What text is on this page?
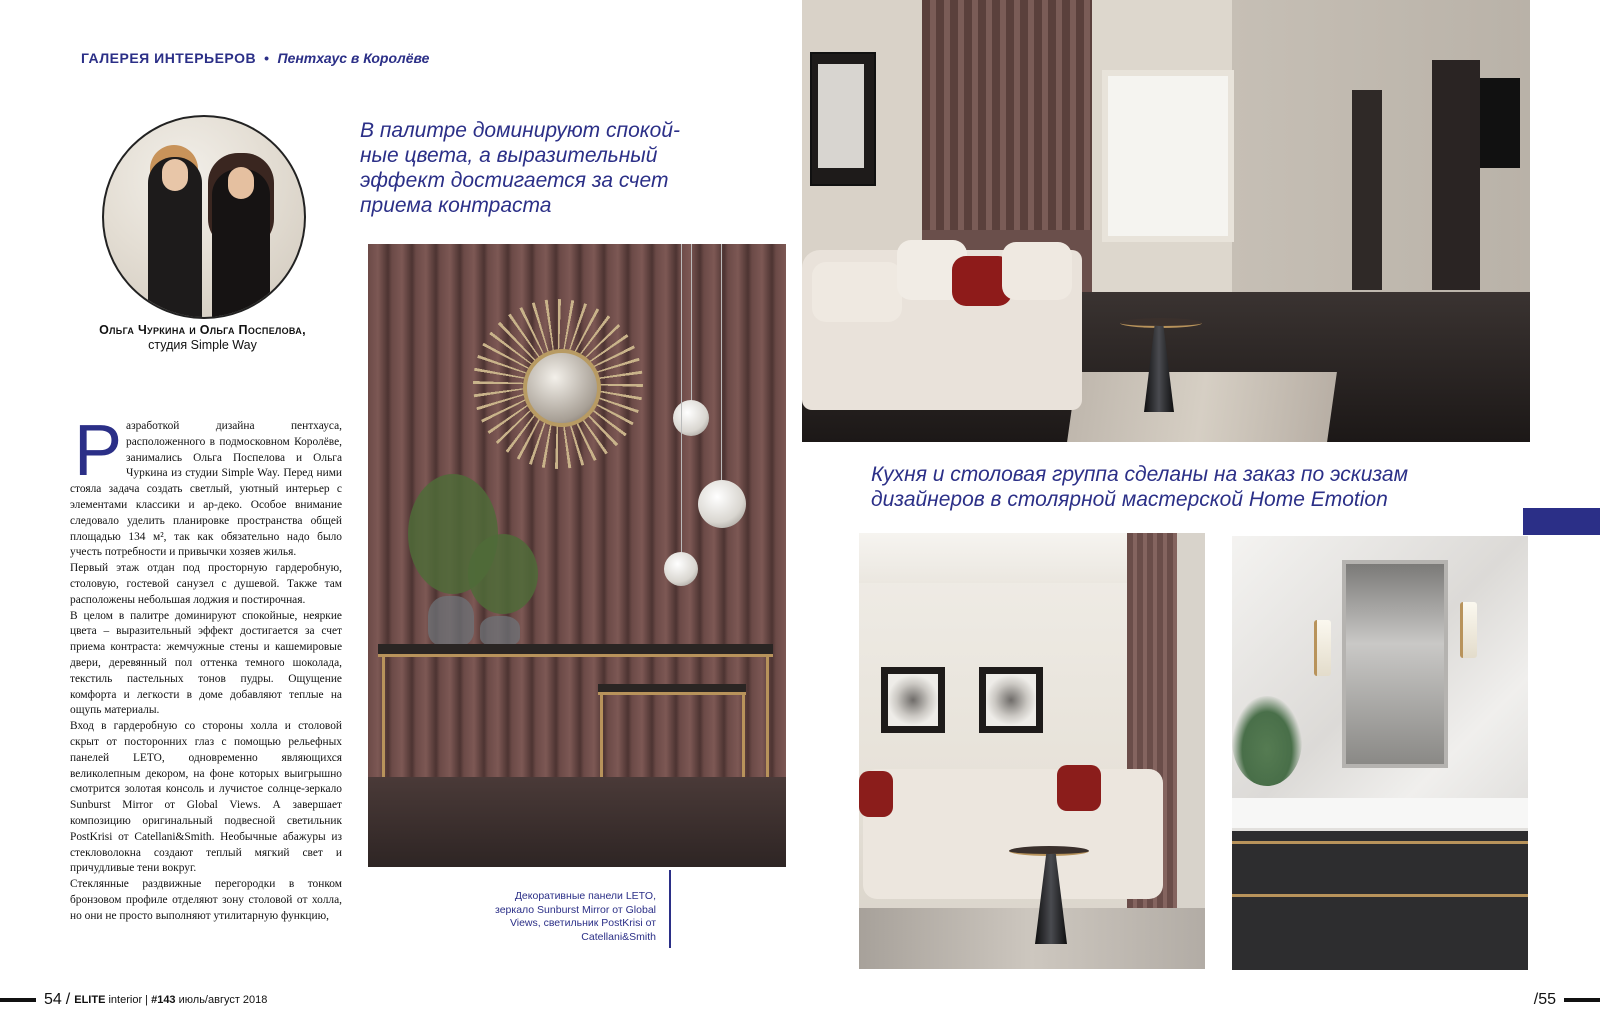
ГАЛЕРЕЯ ИНТЕРЬЕРОВ • Пентхаус в Королёве
Ольга Чуркина и Ольга Поспелова,
студия Simple Way
Р азработкой дизайна пентхауса, расположенного в подмосковном Королёве, занимались Ольга Поспелова и Ольга Чуркина из студии Simple Way. Перед ними стояла задача создать светлый, уютный интерьер с элементами классики и ар-деко. Особое внимание следовало уделить планировке пространства общей площадью 134 м², так как обязательно надо было учесть потребности и привычки хозяев жилья.

Первый этаж отдан под просторную гардеробную, столовую, гостевой санузел с душевой. Также там расположены небольшая лоджия и постирочная.

В целом в палитре доминируют спокойные, неяркие цвета – выразительный эффект достигается за счет приема контраста: жемчужные стены и кашемировые двери, деревянный пол оттенка темного шоколада, текстиль пастельных тонов пудры. Ощущение комфорта и легкости в доме добавляют теплые на ощупь материалы.

Вход в гардеробную со стороны холла и столовой скрыт от посторонних глаз с помощью рельефных панелей LETO, одновременно являющихся великолепным декором, на фоне которых выигрышно смотрится золотая консоль и лучистое солнце-зеркало Sunburst Mirror от Global Views. А завершает композицию оригинальный подвесной светильник PostKrisi от Catellani&Smith. Необычные абажуры из стекловолокна создают теплый мягкий свет и причудливые тени вокруг.

Стеклянные раздвижные перегородки в тонком бронзовом профиле отделяют зону столовой от холла, но они не просто выполняют утилитарную функцию,

В палитре доминируют спокой-
ные цвета, а выразительный
эффект достигается за счет
приема контраста
Кухня и столовая группа сделаны на заказ по эскизам
дизайнеров в столярной мастерской Home Emotion
Декоративные панели LETO,
зеркало Sunburst Mirror от Global
Views, светильник PostKrisi от
Catellani&Smith
54 / ELITE interior | #143 июль/август 2018	/55
